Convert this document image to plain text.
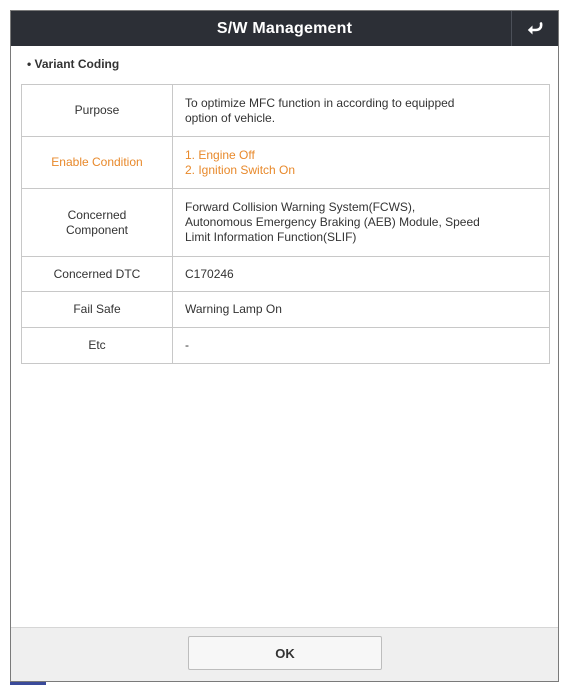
S/W Management
• Variant Coding
Purpose	To optimize MFC function in according to equipped
option of vehicle.
Enable Condition	1. Engine Off
2. Ignition Switch On
Concerned
Component	Forward Collision Warning System(FCWS),
Autonomous Emergency Braking (AEB) Module, Speed
Limit Information Function(SLIF)
Concerned DTC	C170246
Fail Safe	Warning Lamp On
Etc	-
OK
